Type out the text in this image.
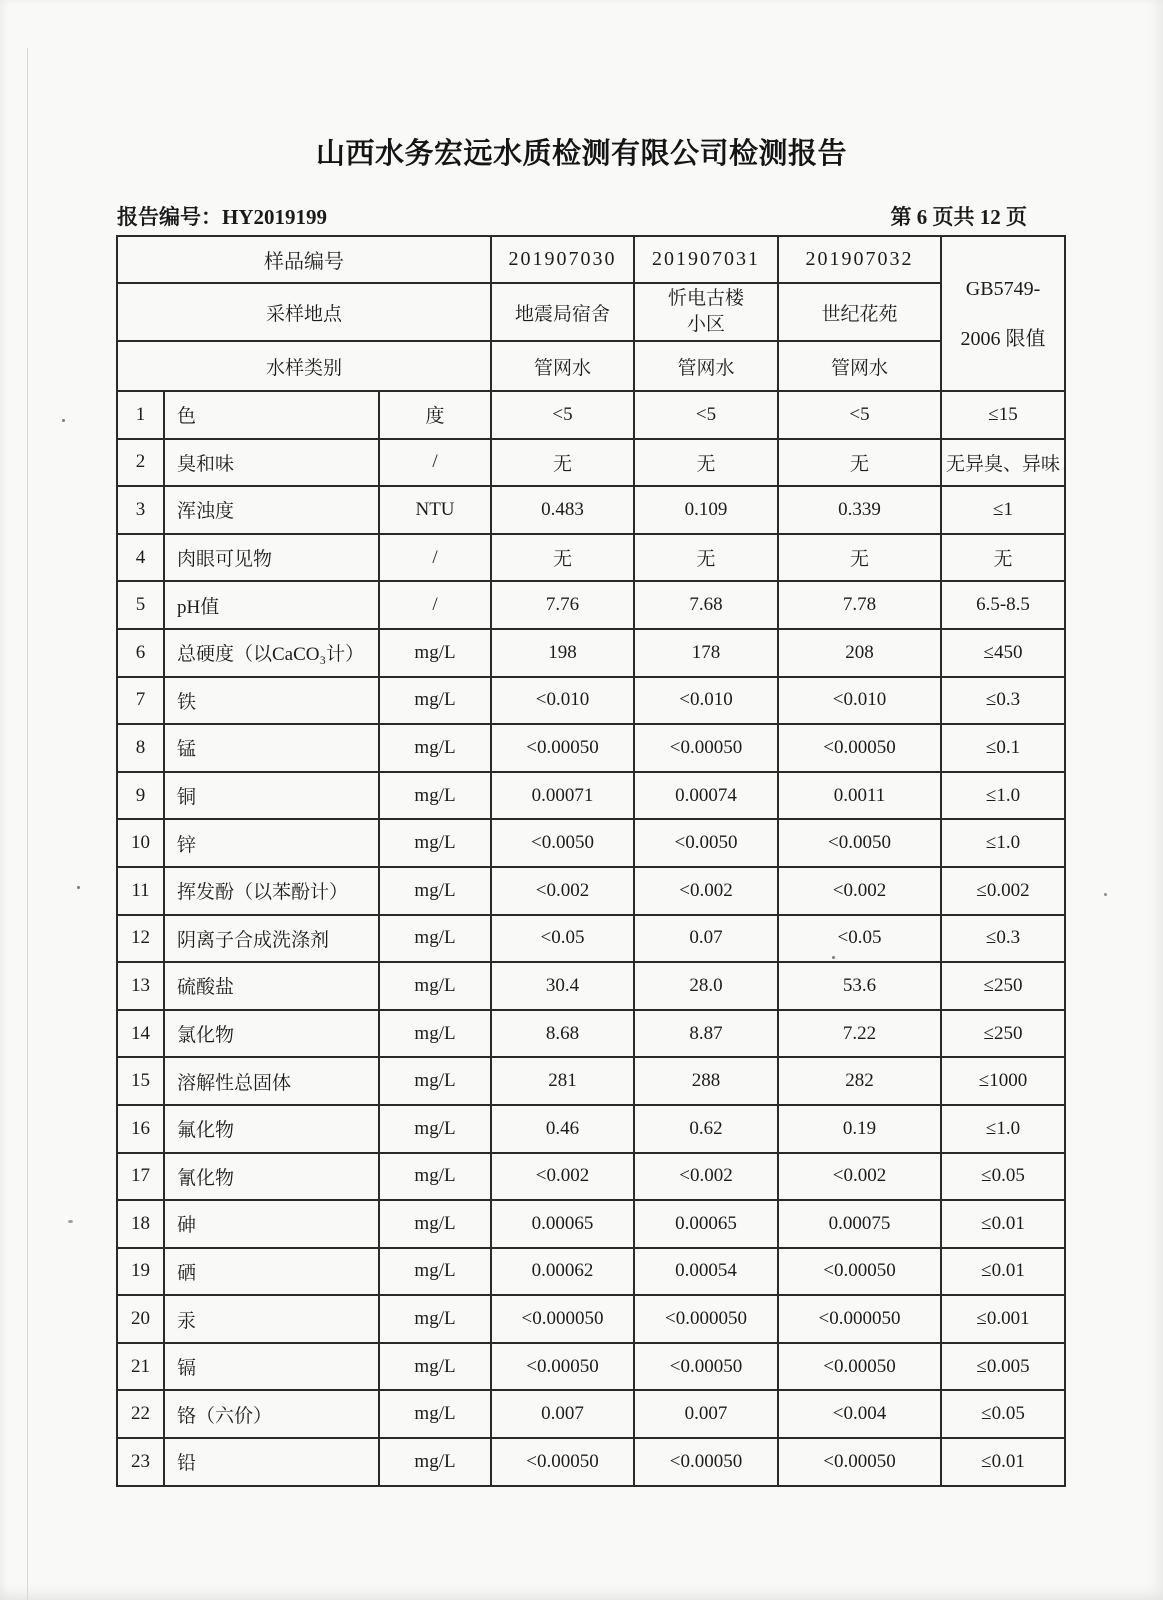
山西水务宏远水质检测有限公司检测报告
报告编号：HY2019199	第 6 页共 12 页
样品编号			201907030	201907031	201907032	GB5749-
2006 限值

采样地点			地震局宿舍	忻电古楼小区	世纪花苑	
水样类别			管网水	管网水	管网水	
1	色	度	<5	<5	<5	≤15
2	臭和味	/	无	无	无	无异臭、异味
3	浑浊度	NTU	0.483	0.109	0.339	≤1
4	肉眼可见物	/	无	无	无	无
5	pH值	/	7.76	7.68	7.78	6.5-8.5
6	总硬度（以CaCO₃计）	mg/L	198	178	208	≤450
7	铁	mg/L	<0.010	<0.010	<0.010	≤0.3
8	锰	mg/L	<0.00050	<0.00050	<0.00050	≤0.1
9	铜	mg/L	0.00071	0.00074	0.0011	≤1.0
10	锌	mg/L	<0.0050	<0.0050	<0.0050	≤1.0
11	挥发酚（以苯酚计）	mg/L	<0.002	<0.002	<0.002	≤0.002
12	阴离子合成洗涤剂	mg/L	<0.05	0.07	<0.05	≤0.3
13	硫酸盐	mg/L	30.4	28.0	53.6	≤250
14	氯化物	mg/L	8.68	8.87	7.22	≤250
15	溶解性总固体	mg/L	281	288	282	≤1000
16	氟化物	mg/L	0.46	0.62	0.19	≤1.0
17	氰化物	mg/L	<0.002	<0.002	<0.002	≤0.05
18	砷	mg/L	0.00065	0.00065	0.00075	≤0.01
19	硒	mg/L	0.00062	0.00054	<0.00050	≤0.01
20	汞	mg/L	<0.000050	<0.000050	<0.000050	≤0.001
21	镉	mg/L	<0.00050	<0.00050	<0.00050	≤0.005
22	铬（六价）	mg/L	0.007	0.007	<0.004	≤0.05
23	铅	mg/L	<0.00050	<0.00050	<0.00050	≤0.01
